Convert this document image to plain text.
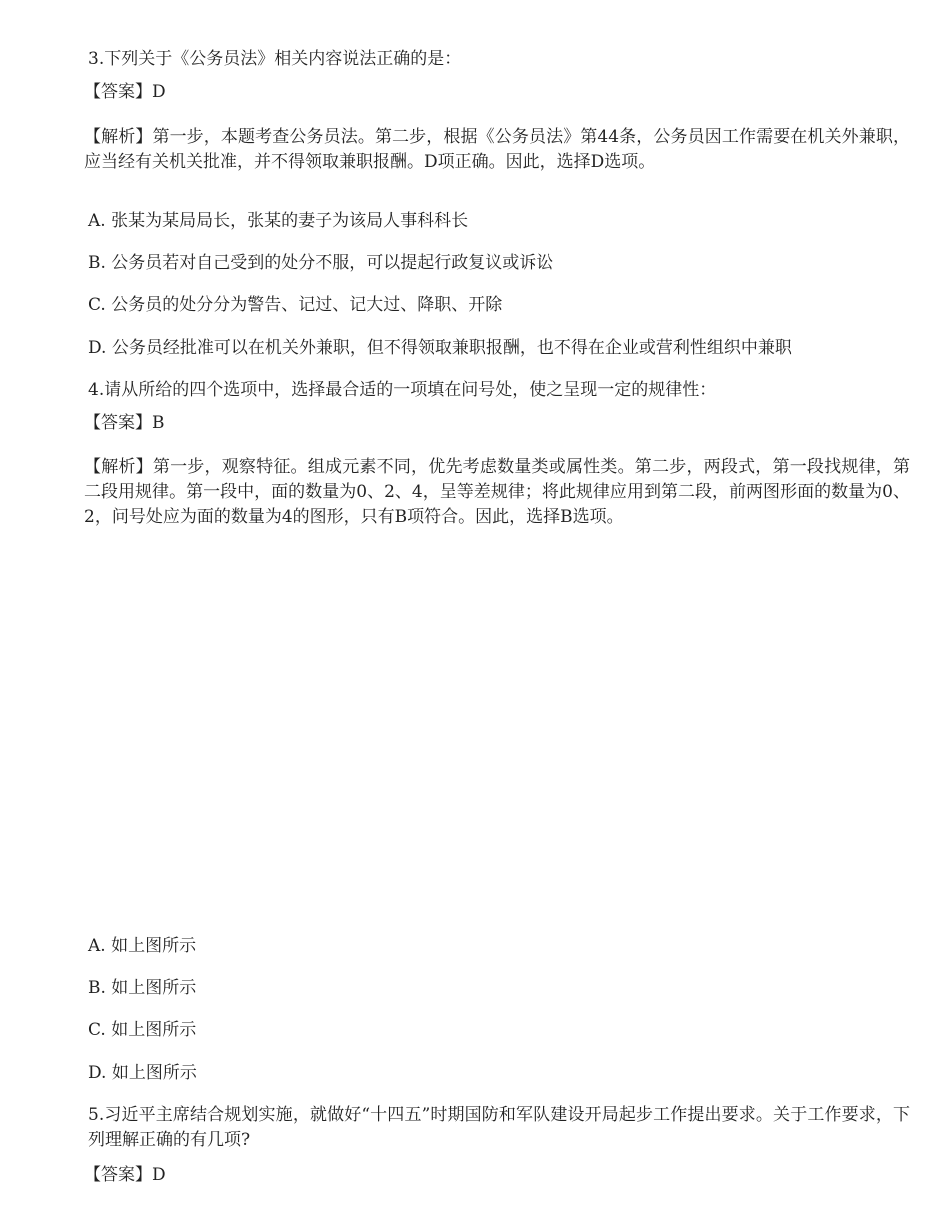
3.下列关于《公务员法》相关内容说法正确的是：
【答案】D
【解析】第一步，本题考查公务员法。第二步，根据《公务员法》第44条，公务员因工作需要在机关外兼职，应当经有关机关批准，并不得领取兼职报酬。D项正确。因此，选择D选项。
A. 张某为某局局长，张某的妻子为该局人事科科长
B. 公务员若对自己受到的处分不服，可以提起行政复议或诉讼
C. 公务员的处分分为警告、记过、记大过、降职、开除
D. 公务员经批准可以在机关外兼职，但不得领取兼职报酬，也不得在企业或营利性组织中兼职
4.请从所给的四个选项中，选择最合适的一项填在问号处，使之呈现一定的规律性：
【答案】B
【解析】第一步，观察特征。组成元素不同，优先考虑数量类或属性类。第二步，两段式，第一段找规律，第二段用规律。第一段中，面的数量为0、2、4，呈等差规律；将此规律应用到第二段，前两图形面的数量为0、2，问号处应为面的数量为4的图形，只有B项符合。因此，选择B选项。
A. 如上图所示
B. 如上图所示
C. 如上图所示
D. 如上图所示
5.习近平主席结合规划实施，就做好“十四五”时期国防和军队建设开局起步工作提出要求。关于工作要求，下列理解正确的有几项?
【答案】D
